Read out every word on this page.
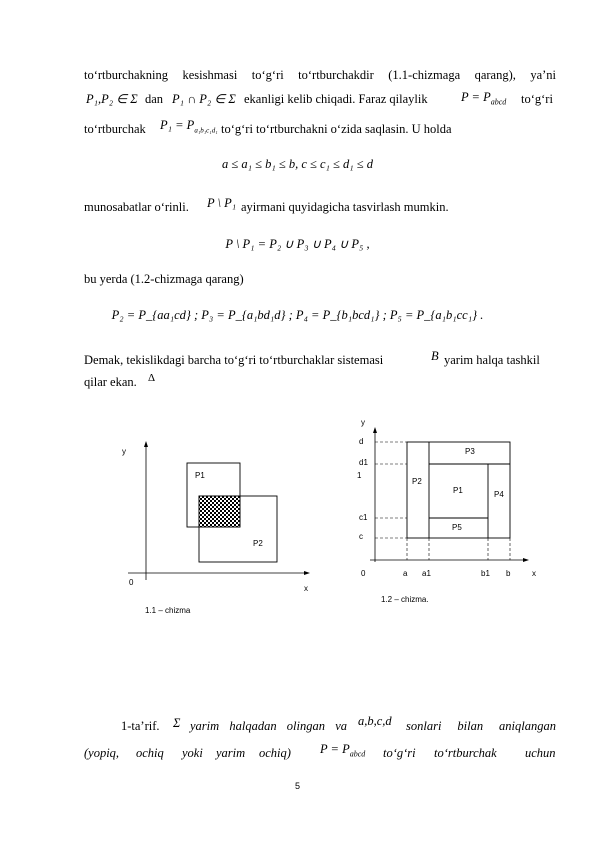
to‘rtburchakning kesishmasi to‘g‘ri to‘rtburchakdir (1.1-chizmaga qarang), ya’ni
P₁,P₂ ∈ Σ dan P₁ ∩ P₂ ∈ Σ ekanligi kelib chiqadi. Faraz qilaylik	$P = P_{abcd}$ to‘g‘ri
to‘rtburchak $P_1 = P_{a_1b_1c_1d_1}$ to‘g‘ri to‘rtburchakni o‘zida saqlasin. U holda
a ≤ a₁ ≤ b₁ ≤ b, c ≤ c₁ ≤ d₁ ≤ d
munosabatlar o‘rinli. P \ P₁ ayirmani quyidagicha tasvirlash mumkin.
P \ P₁ = P₂ ∪ P₃ ∪ P₄ ∪ P₅ ,
bu yerda (1.2-chizmaga qarang)
P₂ = P_{aa₁cd} ; P₃ = P_{a₁bd₁d} ; P₄ = P_{b₁bcd₁} ; P₅ = P_{a₁b₁cc₁} .
Demak, tekislikdagi barcha to‘g‘ri to‘rtburchaklar sistemasi	B yarim halqa tashkil
qilar ekan. Δ
y
x
0
P1
P2
1.1 – chizma
y
d
d1
1
c1
c
0	a a1	b1 b	x
P3
P2
P1	P4
P5
1.2 – chizma.
1-ta’rif. Σ yarim halqadan olingan va a,b,c,d sonlari bilan aniqlangan
(yopiq, ochiq yoki yarim ochiq) $P = P_{abcd}$ to‘g‘ri to‘rtburchak uchun
5
